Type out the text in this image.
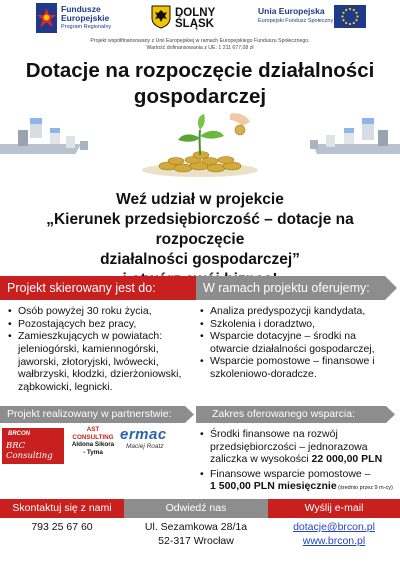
Fundusze
Europejskie
Program Regionalny
DOLNY
ŚLĄSK
Unia Europejska
Europejski Fundusz Społeczny
Projekt współfinansowany z Unii Europejskiej w ramach Europejskiego Funduszu Społecznego.
Wartość dofinansowania z UE: 1 211 677,08 zł
Dotacje na rozpoczęcie działalności
gospodarczej
Weź udział w projekcie
„Kierunek przedsiębiorczość – dotacje na rozpoczęcie
działalności gospodarczej”
Projekt skierowany jest do:	W ramach projektu oferujemy:
• Osób powyżej 30 roku życia,
• Pozostających bez pracy,
• Zamieszkujących w powiatach:
jeleniogórski, kamiennogórski,
jaworski, złotoryjski, lwówecki,
wałbrzyski, kłodzki, dzierżoniowski,
ząbkowicki, legnicki.
• Analiza predyspozycji kandydata,
• Szkolenia i doradztwo,
• Wsparcie dotacyjne – środki na
otwarcie działalności gospodarczej,
• Wsparcie pomostowe – finansowe i
szkoleniowo-doradcze.
Projekt realizowany w partnerstwie:	Zakres oferowanego wsparcia:
BRCON
BRC Consulting
AST
CONSULTING
Aldona Sikora
- Tyma
ermac
Maciej Roatz
• Środki finansowe na rozwój
przedsiębiorczości – jednorazowa
zaliczka w wysokości 22 000,00 PLN
• Finansowe wsparcie pomostowe –
1 500,00 PLN miesięcznie (średnio przez 9 m-cy)
Skontaktuj się z nami	Odwiedź nas	Wyślij e-mail
793 25 67 60	Ul. Sezamkowa 28/1a
52-317 Wrocław
dotacje@brcon.pl
www.brcon.pl
